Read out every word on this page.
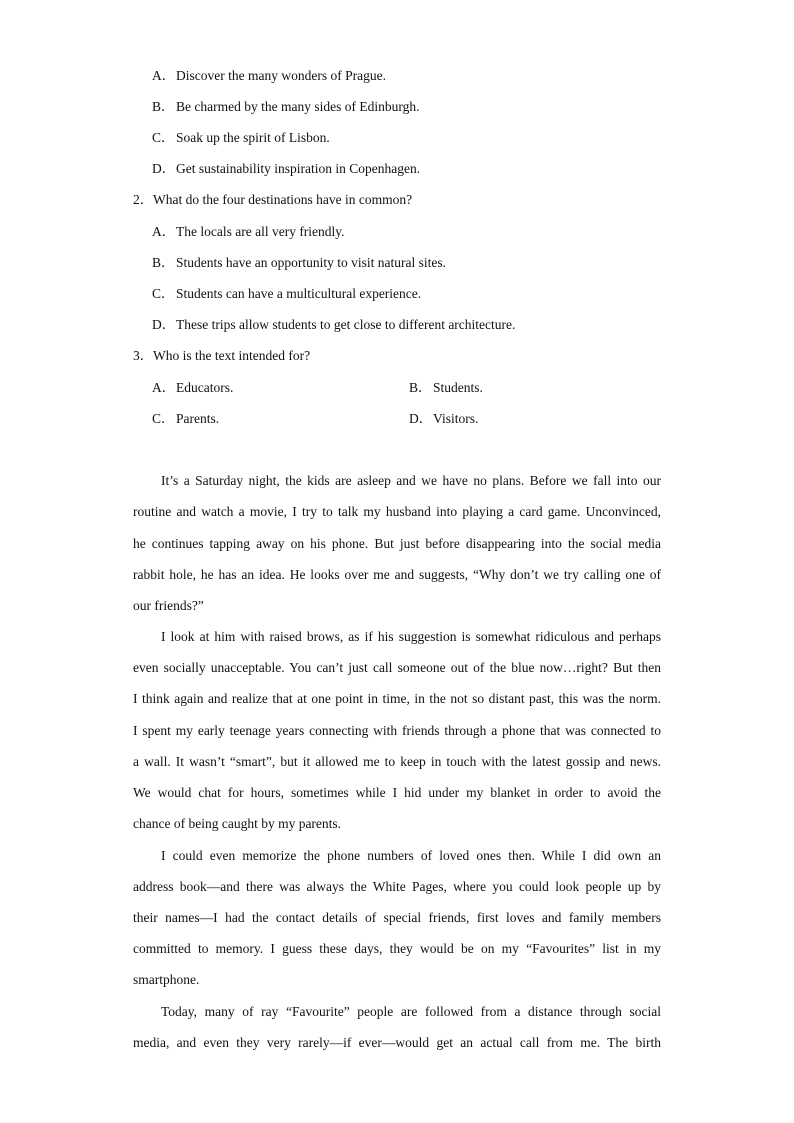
A．Discover the many wonders of Prague.
B．Be charmed by the many sides of Edinburgh.
C．Soak up the spirit of Lisbon.
D．Get sustainability inspiration in Copenhagen.
2．What do the four destinations have in common?
A．The locals are all very friendly.
B．Students have an opportunity to visit natural sites.
C．Students can have a multicultural experience.
D．These trips allow students to get close to different architecture.
3．Who is the text intended for?
A．Educators.	B．Students.
C．Parents.	D．Visitors.
It’s a Saturday night, the kids are asleep and we have no plans. Before we fall into our
routine and watch a movie, I try to talk my husband into playing a card game. Unconvinced,
he continues tapping away on his phone. But just before disappearing into the social media
rabbit hole, he has an idea. He looks over me and suggests, “Why don’t we try calling one of
our friends?”
I look at him with raised brows, as if his suggestion is somewhat ridiculous and perhaps
even socially unacceptable. You can’t just call someone out of the blue now…right? But then
I think again and realize that at one point in time, in the not so distant past, this was the norm.
I spent my early teenage years connecting with friends through a phone that was connected to
a wall. It wasn’t “smart”, but it allowed me to keep in touch with the latest gossip and news.
We would chat for hours, sometimes while I hid under my blanket in order to avoid the
chance of being caught by my parents.
I could even memorize the phone numbers of loved ones then. While I did own an
address book—and there was always the White Pages, where you could look people up by
their names—I had the contact details of special friends, first loves and family members
committed to memory. I guess these days, they would be on my “Favourites” list in my
smartphone.
Today, many of ray “Favourite” people are followed from a distance through social
media, and even they very rarely—if ever—would get an actual call from me. The birth
